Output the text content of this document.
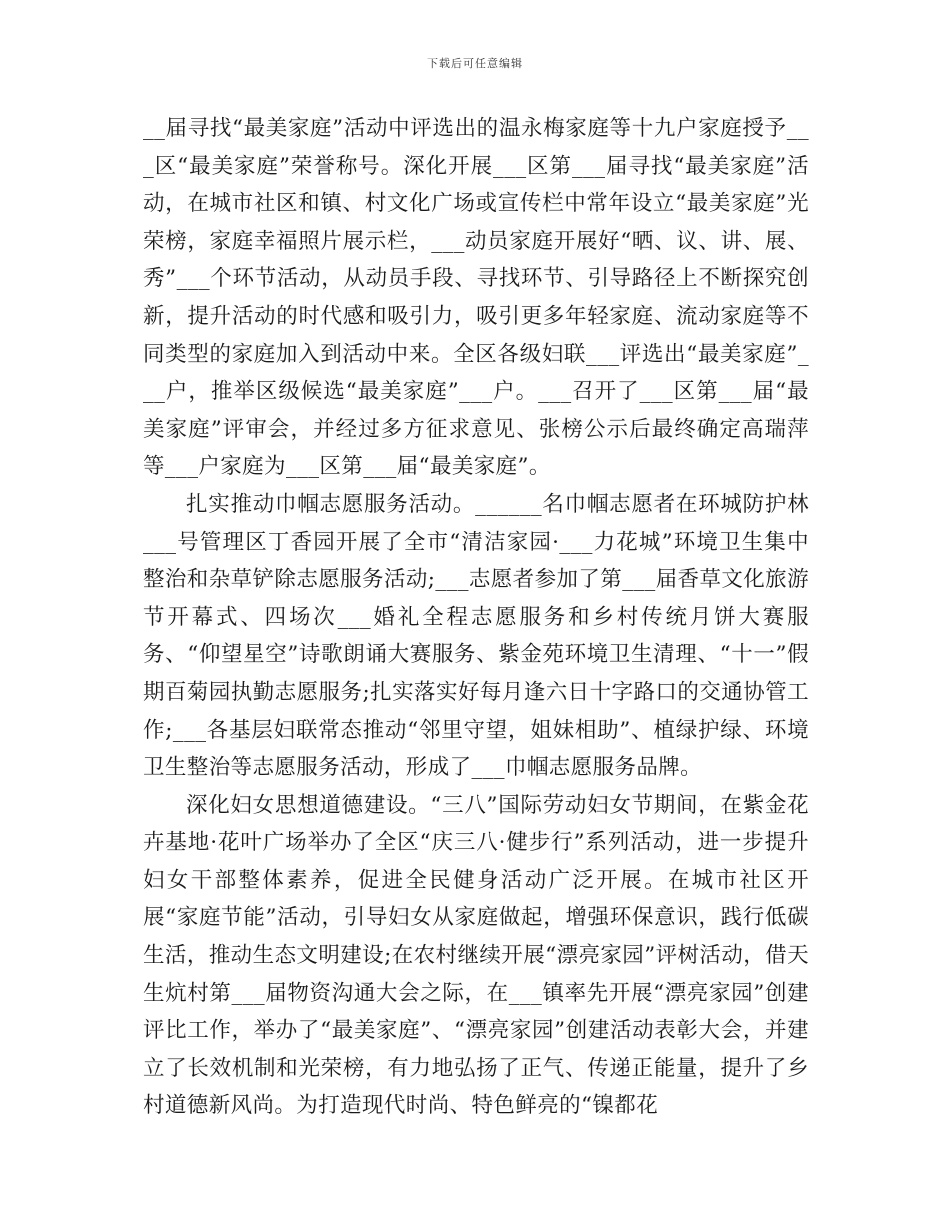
下载后可任意编辑

__届寻找“最美家庭”活动中评选出的温永梅家庭等十九户家庭授予___区“最美家庭”荣誉称号。深化开展___区第___届寻找“最美家庭”活动，在城市社区和镇、村文化广场或宣传栏中常年设立“最美家庭”光荣榜，家庭幸福照片展示栏，___动员家庭开展好“晒、议、讲、展、秀”___个环节活动，从动员手段、寻找环节、引导路径上不断探究创新，提升活动的时代感和吸引力，吸引更多年轻家庭、流动家庭等不同类型的家庭加入到活动中来。全区各级妇联___评选出“最美家庭”___户，推举区级候选“最美家庭”___户。___召开了___区第___届“最美家庭”评审会，并经过多方征求意见、张榜公示后最终确定高瑞萍等___户家庭为___区第___届“最美家庭”。

扎实推动巾帼志愿服务活动。______名巾帼志愿者在环城防护林___号管理区丁香园开展了全市“清洁家园·___力花城”环境卫生集中整治和杂草铲除志愿服务活动;___志愿者参加了第___届香草文化旅游节开幕式、四场次___婚礼全程志愿服务和乡村传统月饼大赛服务、“仰望星空”诗歌朗诵大赛服务、紫金苑环境卫生清理、“十一”假期百菊园执勤志愿服务;扎实落实好每月逢六日十字路口的交通协管工作;___各基层妇联常态推动“邻里守望，姐妹相助”、植绿护绿、环境卫生整治等志愿服务活动，形成了___巾帼志愿服务品牌。

深化妇女思想道德建设。“三八”国际劳动妇女节期间，在紫金花卉基地·花叶广场举办了全区“庆三八·健步行”系列活动，进一步提升妇女干部整体素养，促进全民健身活动广泛开展。在城市社区开展“家庭节能”活动，引导妇女从家庭做起，增强环保意识，践行低碳生活，推动生态文明建设;在农村继续开展“漂亮家园”评树活动，借天生炕村第___届物资沟通大会之际，在___镇率先开展“漂亮家园”创建评比工作，举办了“最美家庭”、“漂亮家园”创建活动表彰大会，并建立了长效机制和光荣榜，有力地弘扬了正气、传递正能量，提升了乡村道德新风尚。为打造现代时尚、特色鲜亮的“镍都花
